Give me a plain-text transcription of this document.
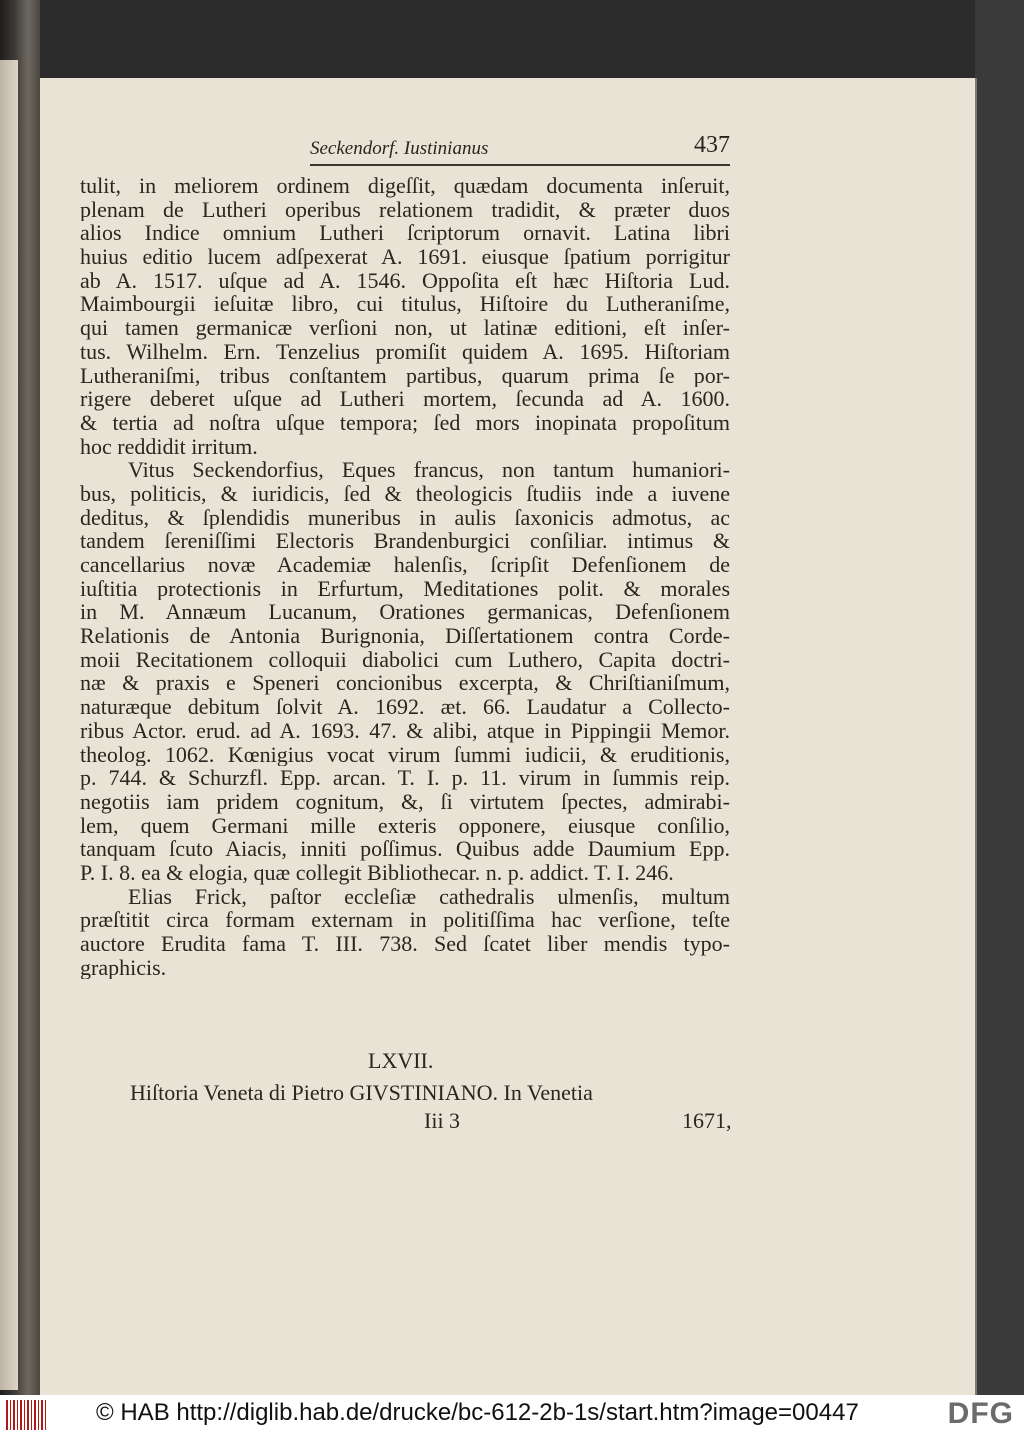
Seckendorf. Iustinianus	437
tulit, in meliorem ordinem digeſſit, quædam documenta inſeruit,
plenam de Lutheri operibus relationem tradidit, & præter duos
alios Indice omnium Lutheri ſcriptorum ornavit. Latina libri
huius editio lucem adſpexerat A. 1691. eiusque ſpatium porrigitur
ab A. 1517. uſque ad A. 1546. Oppoſita eſt hæc Hiſtoria Lud.
Maimbourgii ieſuitæ libro, cui titulus, Hiſtoire du Lutheraniſme,
qui tamen germanicæ verſioni non, ut latinæ editioni, eſt inſer-
tus. Wilhelm. Ern. Tenzelius promiſit quidem A. 1695. Hiſtoriam
Lutheraniſmi, tribus conſtantem partibus, quarum prima ſe por-
rigere deberet uſque ad Lutheri mortem, ſecunda ad A. 1600.
& tertia ad noſtra uſque tempora; ſed mors inopinata propoſitum
hoc reddidit irritum.
Vitus Seckendorfius, Eques francus, non tantum humaniori-
bus, politicis, & iuridicis, ſed & theologicis ſtudiis inde a iuvene
deditus, & ſplendidis muneribus in aulis ſaxonicis admotus, ac
tandem ſereniſſimi Electoris Brandenburgici conſiliar. intimus &
cancellarius novæ Academiæ halenſis, ſcripſit Defenſionem de
iuſtitia protectionis in Erfurtum, Meditationes polit. & morales
in M. Annæum Lucanum, Orationes germanicas, Defenſionem
Relationis de Antonia Burignonia, Diſſertationem contra Corde-
moii Recitationem colloquii diabolici cum Luthero, Capita doctri-
næ & praxis e Speneri concionibus excerpta, & Chriſtianiſmum,
naturæque debitum ſolvit A. 1692. æt. 66. Laudatur a Collecto-
ribus Actor. erud. ad A. 1693. 47. & alibi, atque in Pippingii Memor.
theolog. 1062. Kœnigius vocat virum ſummi iudicii, & eruditionis,
p. 744. & Schurzfl. Epp. arcan. T. I. p. 11. virum in ſummis reip.
negotiis iam pridem cognitum, &, ſi virtutem ſpectes, admirabi-
lem, quem Germani mille exteris opponere, eiusque conſilio,
tanquam ſcuto Aiacis, inniti poſſimus. Quibus adde Daumium Epp.
P. I. 8. ea & elogia, quæ collegit Bibliothecar. n. p. addict. T. I. 246.
Elias Frick, paſtor eccleſiæ cathedralis ulmenſis, multum
præſtitit circa formam externam in politiſſima hac verſione, teſte
auctore Erudita fama T. III. 738. Sed ſcatet liber mendis typo-
graphicis.
LXVII.
Hiſtoria Veneta di Pietro GIVSTINIANO. In Venetia
Iii 3	1671,
© HAB http://diglib.hab.de/drucke/bc-612-2b-1s/start.htm?image=00447	DFG
